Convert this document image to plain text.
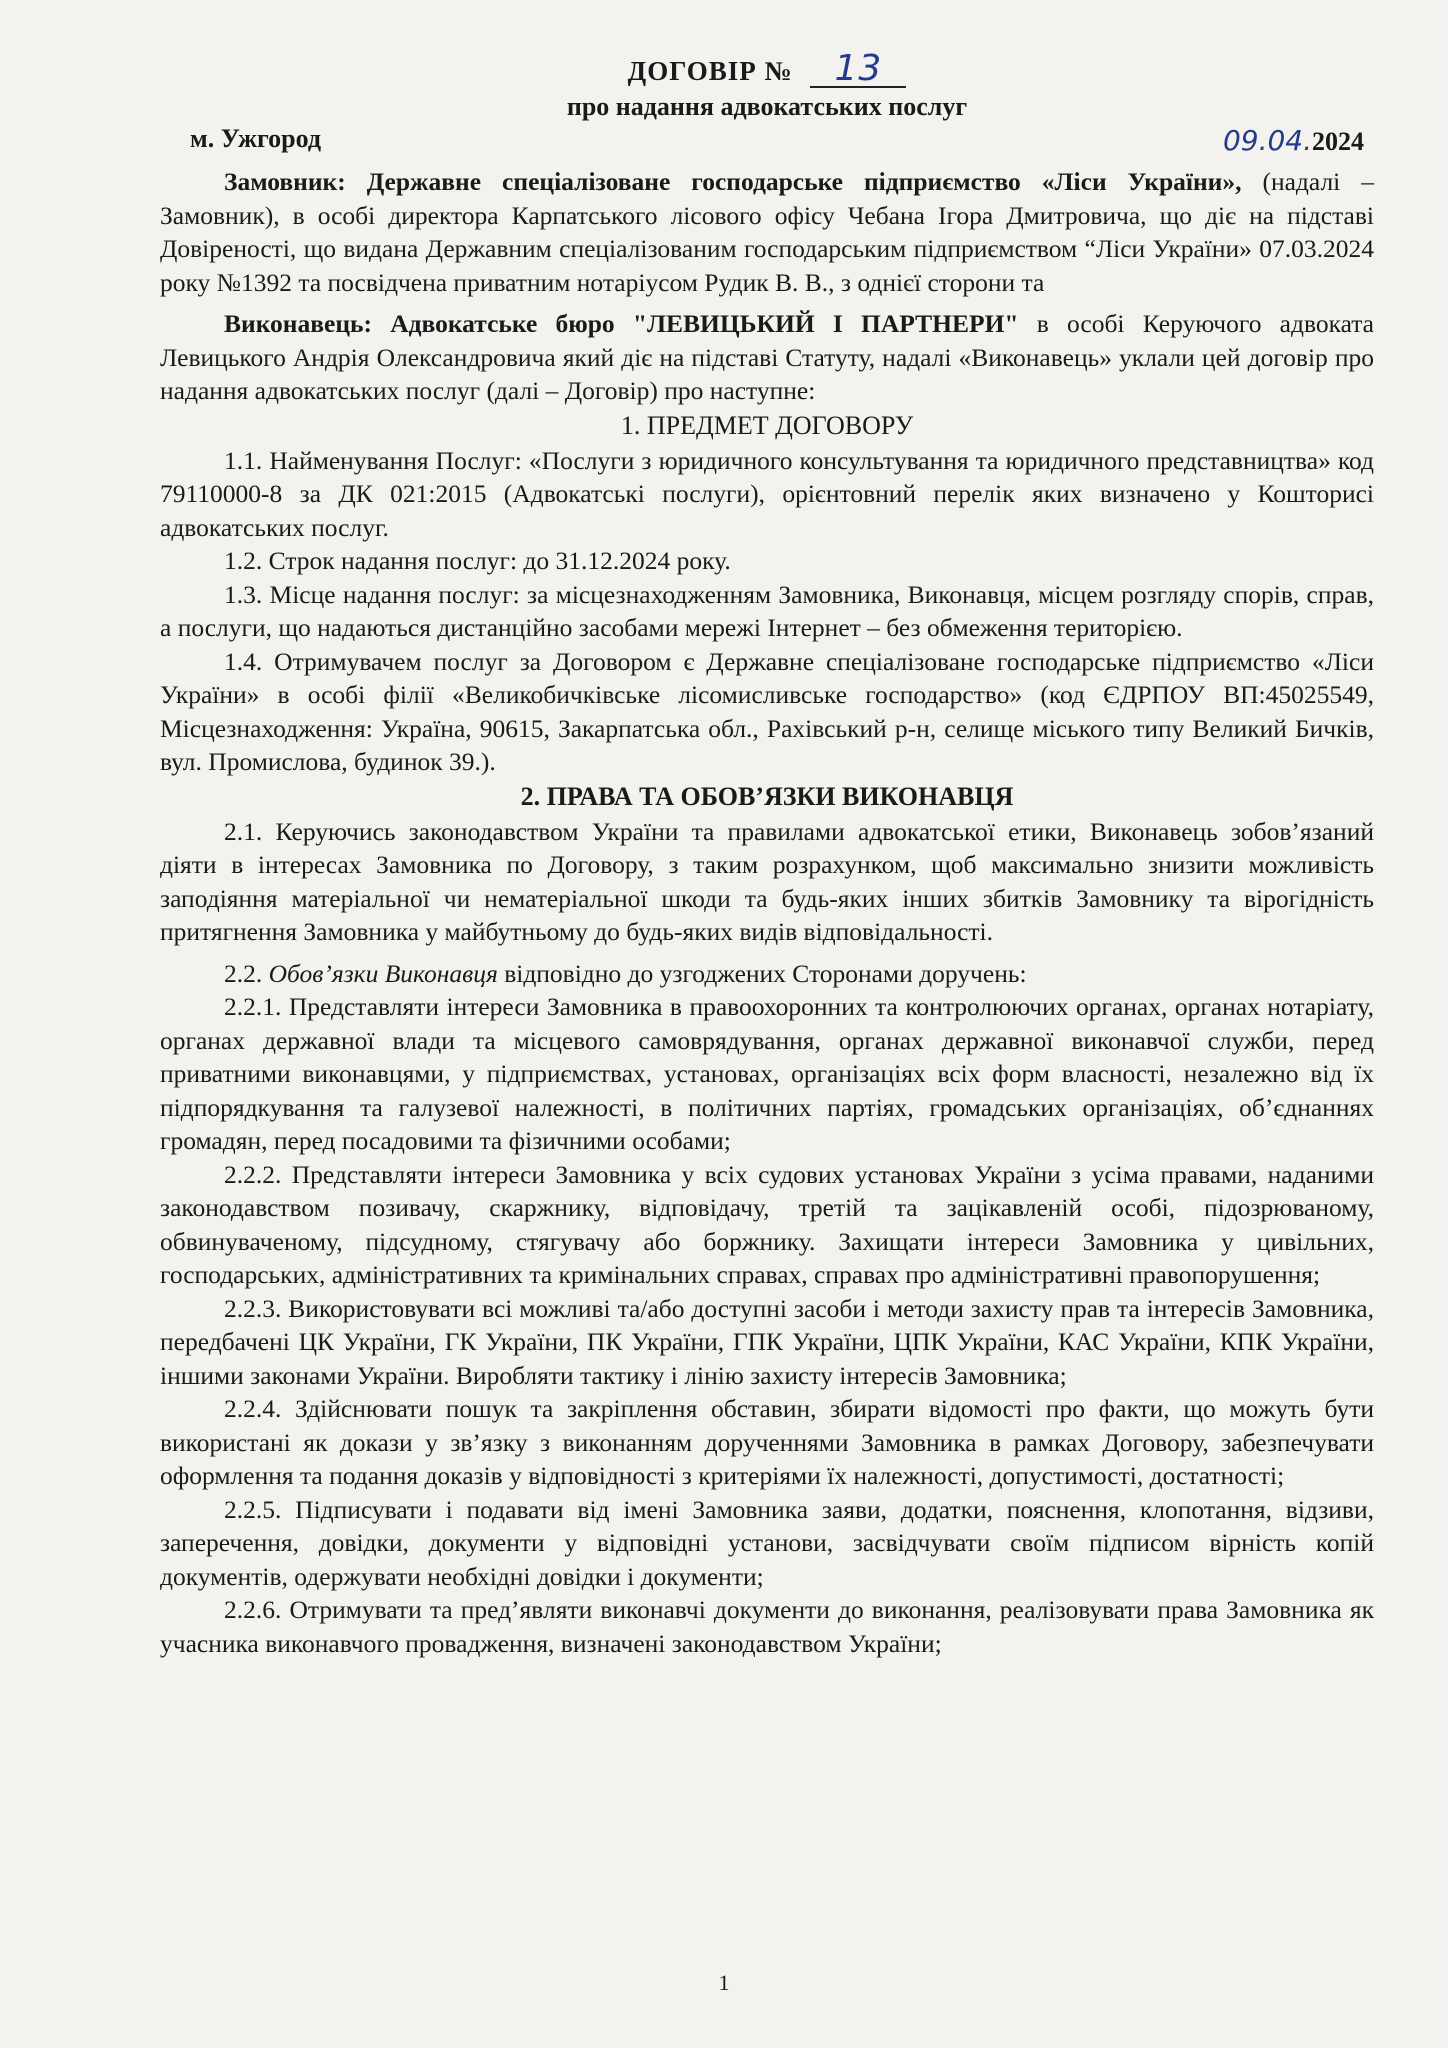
ДОГОВІР № 13
про надання адвокатських послуг
м. Ужгород	09.04.2024

Замовник: Державне спеціалізоване господарське підприємство «Ліси України», (надалі – Замовник), в особі директора Карпатського лісового офісу Чебана Ігора Дмитровича, що діє на підставі Довіреності, що видана Державним спеціалізованим господарським підприємством “Ліси України» 07.03.2024 року №1392 та посвідчена приватним нотаріусом Рудик В. В., з однієї сторони та

Виконавець: Адвокатське бюро "ЛЕВИЦЬКИЙ І ПАРТНЕРИ" в особі Керуючого адвоката Левицького Андрія Олександровича який діє на підставі Статуту, надалі «Виконавець» уклали цей договір про надання адвокатських послуг (далі – Договір) про наступне:

1. ПРЕДМЕТ ДОГОВОРУ

1.1. Найменування Послуг: «Послуги з юридичного консультування та юридичного представництва» код 79110000-8 за ДК 021:2015 (Адвокатські послуги), орієнтовний перелік яких визначено у Кошторисі адвокатських послуг.

1.2. Строк надання послуг: до 31.12.2024 року.

1.3. Місце надання послуг: за місцезнаходженням Замовника, Виконавця, місцем розгляду спорів, справ, а послуги, що надаються дистанційно засобами мережі Інтернет – без обмеження територією.

1.4. Отримувачем послуг за Договором є Державне спеціалізоване господарське підприємство «Ліси України» в особі філії «Великобичківське лісомисливське господарство» (код ЄДРПОУ ВП:45025549, Місцезнаходження: Україна, 90615, Закарпатська обл., Рахівський р-н, селище міського типу Великий Бичків, вул. Промислова, будинок 39.).

2. ПРАВА ТА ОБОВ’ЯЗКИ ВИКОНАВЦЯ

2.1. Керуючись законодавством України та правилами адвокатської етики, Виконавець зобов’язаний діяти в інтересах Замовника по Договору, з таким розрахунком, щоб максимально знизити можливість заподіяння матеріальної чи нематеріальної шкоди та будь-яких інших збитків Замовнику та вірогідність притягнення Замовника у майбутньому до будь-яких видів відповідальності.

2.2. Обов’язки Виконавця відповідно до узгоджених Сторонами доручень:

2.2.1. Представляти інтереси Замовника в правоохоронних та контролюючих органах, органах нотаріату, органах державної влади та місцевого самоврядування, органах державної виконавчої служби, перед приватними виконавцями, у підприємствах, установах, організаціях всіх форм власності, незалежно від їх підпорядкування та галузевої належності, в політичних партіях, громадських організаціях, об’єднаннях громадян, перед посадовими та фізичними особами;

2.2.2. Представляти інтереси Замовника у всіх судових установах України з усіма правами, наданими законодавством позивачу, скаржнику, відповідачу, третій та зацікавленій особі, підозрюваному, обвинуваченому, підсудному, стягувачу або боржнику. Захищати інтереси Замовника у цивільних, господарських, адміністративних та кримінальних справах, справах про адміністративні правопорушення;

2.2.3. Використовувати всі можливі та/або доступні засоби і методи захисту прав та інтересів Замовника, передбачені ЦК України, ГК України, ПК України, ГПК України, ЦПК України, КАС України, КПК України, іншими законами України. Виробляти тактику і лінію захисту інтересів Замовника;

2.2.4. Здійснювати пошук та закріплення обставин, збирати відомості про факти, що можуть бути використані як докази у зв’язку з виконанням дорученнями Замовника в рамках Договору, забезпечувати оформлення та подання доказів у відповідності з критеріями їх належності, допустимості, достатності;

2.2.5. Підписувати і подавати від імені Замовника заяви, додатки, пояснення, клопотання, відзиви, заперечення, довідки, документи у відповідні установи, засвідчувати своїм підписом вірність копій документів, одержувати необхідні довідки і документи;

2.2.6. Отримувати та пред’являти виконавчі документи до виконання, реалізовувати права Замовника як учасника виконавчого провадження, визначені законодавством України;

1
